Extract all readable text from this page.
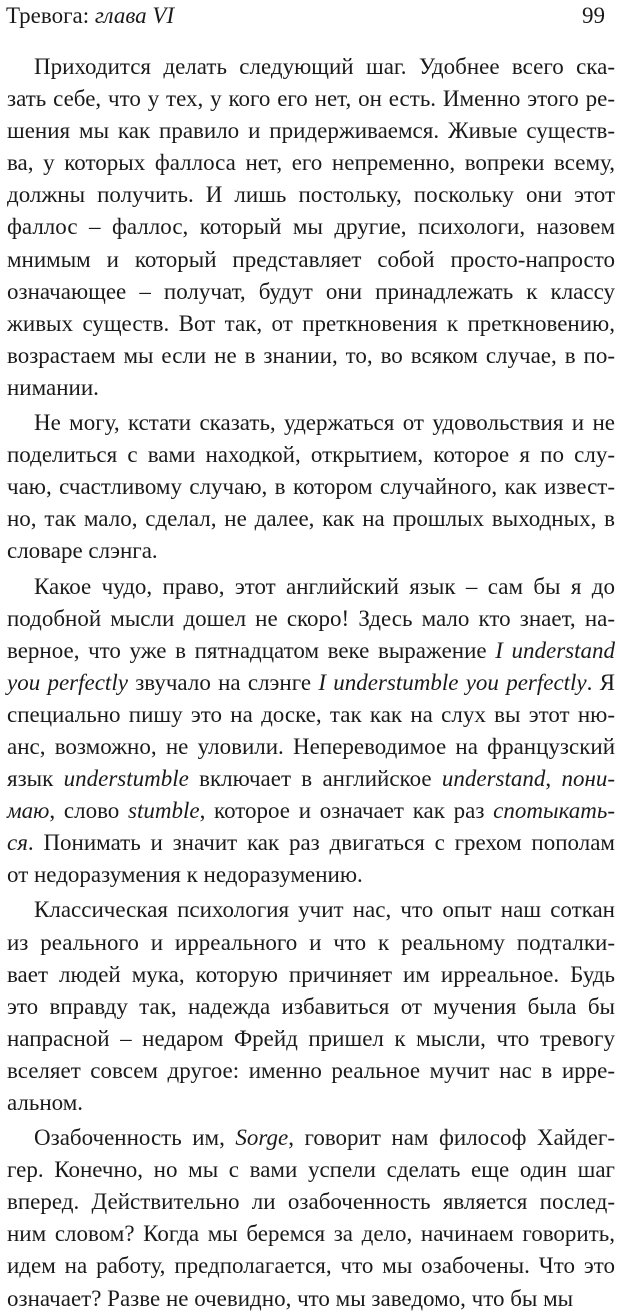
Тревога: глава VI	99
Приходится делать следующий шаг. Удобнее всего ска-
зать себе, что у тех, у кого его нет, он есть. Именно этого ре-
шения мы как правило и придерживаемся. Живые существ-
ва, у которых фаллоса нет, его непременно, вопреки всему,
должны получить. И лишь постольку, поскольку они этот
фаллос – фаллос, который мы другие, психологи, назовем
мнимым и который представляет собой просто-напросто
означающее – получат, будут они принадлежать к классу
живых существ. Вот так, от преткновения к преткновению,
возрастаем мы если не в знании, то, во всяком случае, в по-
нимании.
Не могу, кстати сказать, удержаться от удовольствия и не
поделиться с вами находкой, открытием, которое я по слу-
чаю, счастливому случаю, в котором случайного, как извест-
но, так мало, сделал, не далее, как на прошлых выходных, в
словаре слэнга.
Какое чудо, право, этот английский язык – сам бы я до
подобной мысли дошел не скоро! Здесь мало кто знает, на-
верное, что уже в пятнадцатом веке выражение I understand
you perfectly звучало на слэнге I understumble you perfectly. Я
специально пишу это на доске, так как на слух вы этот ню-
анс, возможно, не уловили. Непереводимое на французский
язык understumble включает в английское understand, пони-
маю, слово stumble, которое и означает как раз спотыкать-
ся. Понимать и значит как раз двигаться с грехом пополам
от недоразумения к недоразумению.
Классическая психология учит нас, что опыт наш соткан
из реального и ирреального и что к реальному подталки-
вает людей мука, которую причиняет им ирреальное. Будь
это вправду так, надежда избавиться от мучения была бы
напрасной – недаром Фрейд пришел к мысли, что тревогу
вселяет совсем другое: именно реальное мучит нас в ирре-
альном.
Озабоченность им, Sorge, говорит нам философ Хайдег-
гер. Конечно, но мы с вами успели сделать еще один шаг
вперед. Действительно ли озабоченность является послед-
ним словом? Когда мы беремся за дело, начинаем говорить,
идем на работу, предполагается, что мы озабочены. Что это
означает? Разве не очевидно, что мы заведомо, что бы мы
